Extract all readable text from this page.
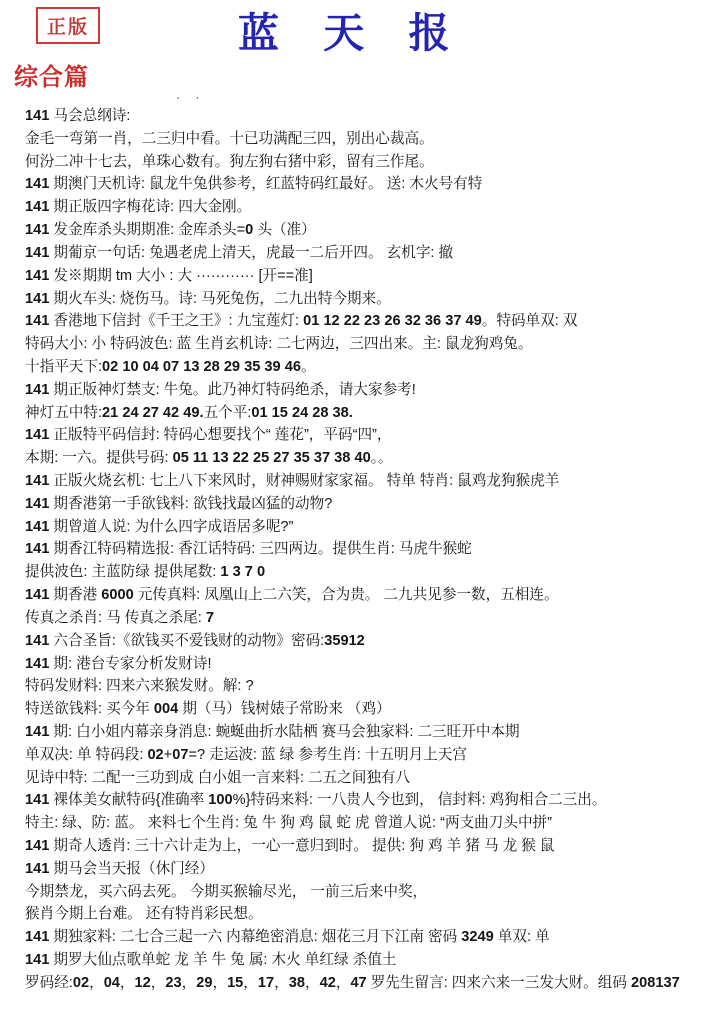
正版	蓝 天 报
综合篇
· ·
141 马会总纲诗:
金毛一弯第一肖，二三归中看。十已功满配三四，别出心裁高。
何汾二冲十七去，单珠心数有。狗左狗右猪中彩，留有三作尾。
141 期澳门天机诗: 鼠龙牛兔供参考，红蓝特码红最好。 送: 木火号有特
141 期正版四字梅花诗: 四大金刚。
141 发金库杀头期期准: 金库杀头=0 头（准）
141 期葡京一句话: 兔遇老虎上清天，虎最一二后开四。 玄机字: 撤
141 发※期期 tm 大小 : 大 ············ [开==准]
141 期火车头: 烧伤马。诗: 马死兔伤，二九出特今期来。
141 香港地下信封《千王之王》: 九宝莲灯: 01 12 22 23 26 32 36 37 49。特码单双: 双
特码大小: 小 特码波色: 蓝 生肖玄机诗: 二七两边，三四出来。主: 鼠龙狗鸡兔。
十指平天下:02 10 04 07 13 28 29 35 39 46。
141 期正版神灯禁支: 牛兔。此乃神灯特码绝杀，请大家参考!
神灯五中特:21 24 27 42 49.五个平:01 15 24 28 38.
141 正版特平码信封: 特码心想要找个“ 莲花”，平码“四”，
本期: 一六。提供号码: 05 11 13 22 25 27 35 37 38 40。。
141 正版火烧玄机: 七上八下来风时，财神赐财家家福。 特单 特肖: 鼠鸡龙狗猴虎羊
141 期香港第一手欲钱料: 欲钱找最凶猛的动物?
141 期曾道人说: 为什么四字成语居多呢?”
141 期香江特码精选报: 香江话特码: 三四两边。提供生肖: 马虎牛猴蛇
提供波色: 主蓝防绿 提供尾数: 1 3 7 0
141 期香港 6000 元传真料: 凤凰山上二六笑，合为贵。 二九共见参一数，五相连。
传真之杀肖: 马 传真之杀尾: 7
141 六合圣旨:《欲钱买不爱钱财的动物》密码:35912
141 期: 港台专家分析发财诗!
特码发财料: 四来六来猴发财。解: ?
特送欲钱料: 买今年 004 期（马）钱树婊子常盼来 （鸡）
141 期: 白小姐内幕亲身消息: 蜿蜒曲折水陆栖 赛马会独家料: 二三旺开中本期
单双决: 单 特码段: 02+07=? 走运波: 蓝 绿 参考生肖: 十五明月上天宫
见诗中特: 二配一三功到成 白小姐一言来料: 二五之间独有八
141 裸体美女献特码{准确率 100%}特码来料: 一八贵人今也到， 信封料: 鸡狗相合二三出。
特主: 绿、防: 蓝。 来料七个生肖: 兔 牛 狗 鸡 鼠 蛇 虎 曾道人说: “两支曲刀头中拼”
141 期奇人透肖: 三十六计走为上，一心一意归到时。 提供: 狗 鸡 羊 猪 马 龙 猴 鼠
141 期马会当天报（休门经）
今期禁龙，买六码去死。 今期买猴输尽光， 一前三后来中奖，
猴肖今期上台难。 还有特肖彩民想。
141 期独家料: 二七合三起一六 内幕绝密消息: 烟花三月下江南 密码 3249 单双: 单
141 期罗大仙点歌单蛇 龙 羊 牛 兔 属: 木火 单红绿 杀值土
罗码经:02，04，12，23，29，15，17，38，42，47 罗先生留言: 四来六来一三发大财。组码 208137
